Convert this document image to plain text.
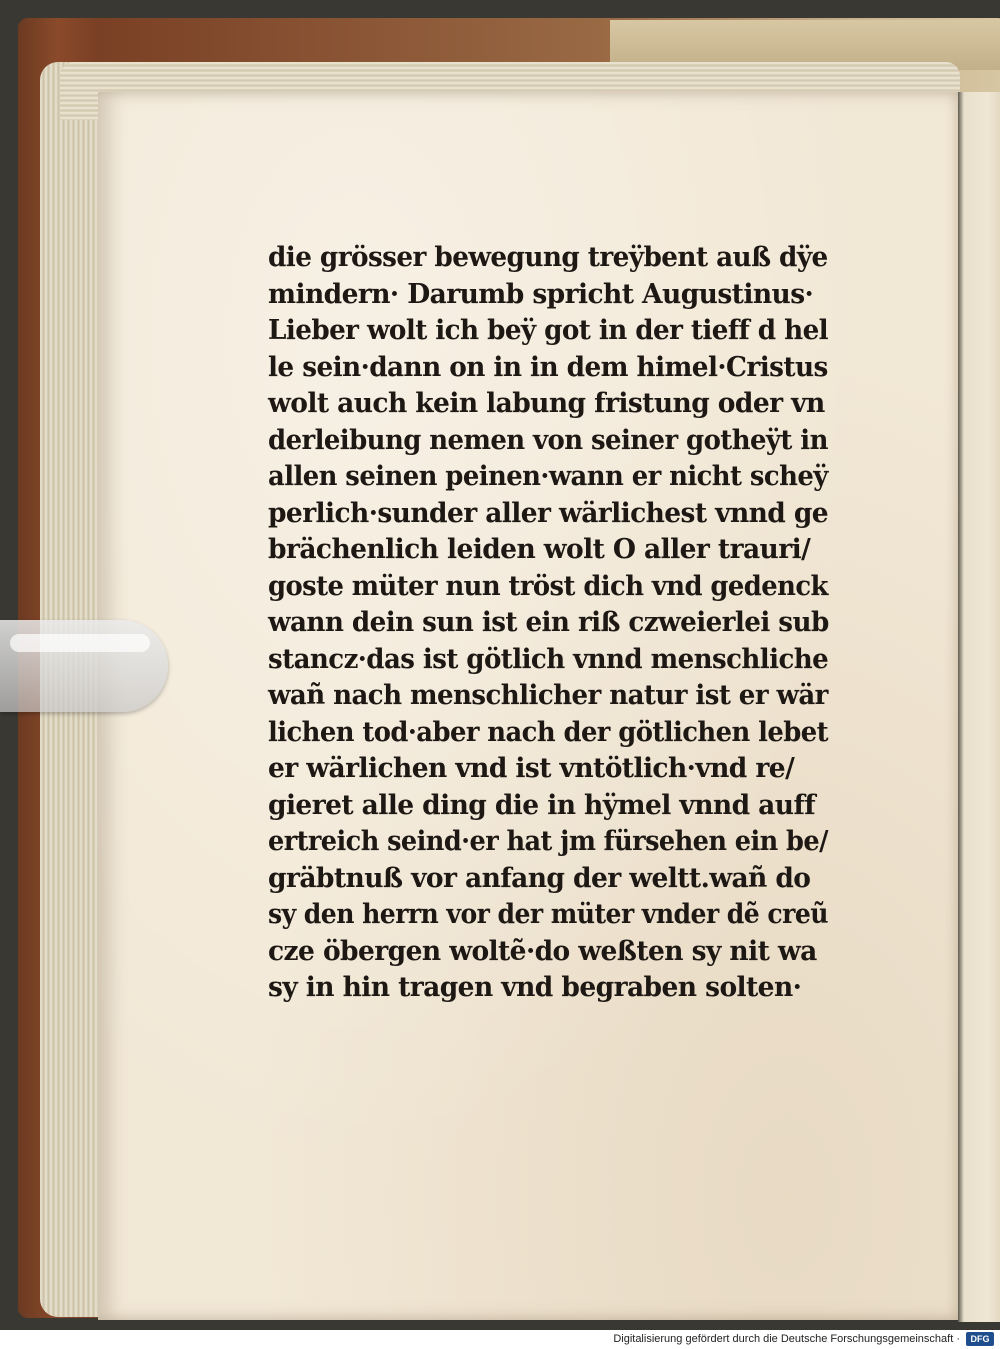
die grösser bewegung treÿbent auß dÿe
mindern· Darumb spricht Augustinus·
Lieber wolt ich beÿ got in der tieff d hel
le sein·dann on in in dem himel·Cristus
wolt auch kein labung fristung oder vn
derleibung nemen von seiner gotheÿt in
allen seinen peinen·wann er nicht scheÿ
perlich·sunder aller wärlichest vnnd ge
brächenlich leiden wolt O aller trauri/
goste müter nun tröst dich vnd gedenck
wann dein sun ist ein riß czweierlei sub
stancz·das ist götlich vnnd menschliche
wañ nach menschlicher natur ist er wär
lichen tod·aber nach der götlichen lebet
er wärlichen vnd ist vntötlich·vnd re/
gieret alle ding die in hÿmel vnnd auff
ertreich seind·er hat jm fürsehen ein be/
gräbtnuß vor anfang der weltt.wañ do
sy den herrn vor der müter vnder dẽ creũ
cze öbergen woltẽ·do weßten sy nit wa
sy in hin tragen vnd begraben solten·
Digitalisierung gefördert durch die Deutsche Forschungsgemeinschaft ·	DFG
